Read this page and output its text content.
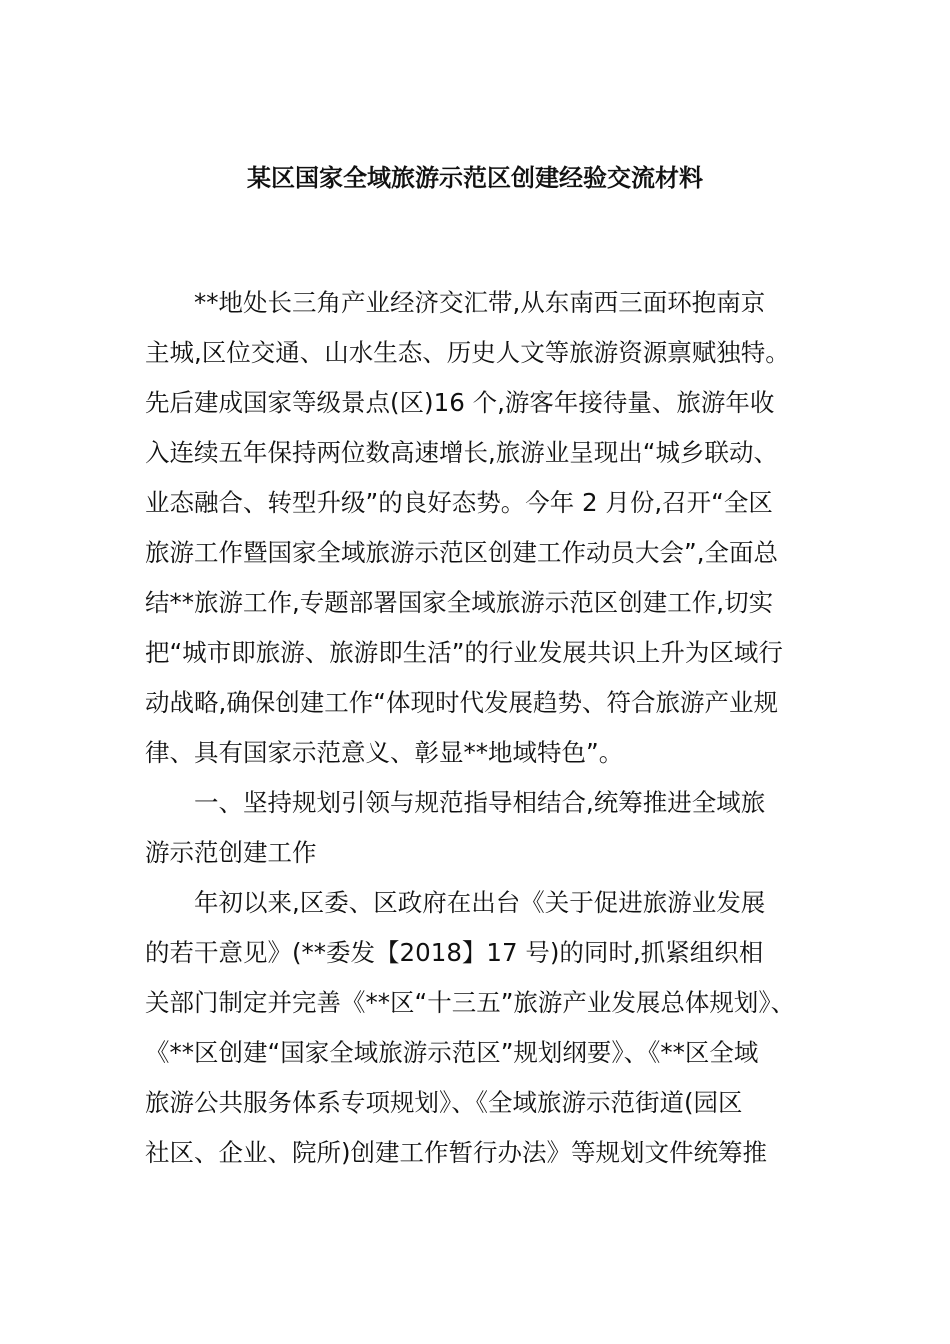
某区国家全域旅游示范区创建经验交流材料
　　**地处长三角产业经济交汇带,从东南西三面环抱南京
主城,区位交通、山水生态、历史人文等旅游资源禀赋独特。
先后建成国家等级景点(区)16 个,游客年接待量、旅游年收
入连续五年保持两位数高速增长,旅游业呈现出“城乡联动、
业态融合、转型升级”的良好态势。今年 2 月份,召开“全区
旅游工作暨国家全域旅游示范区创建工作动员大会”,全面总
结**旅游工作,专题部署国家全域旅游示范区创建工作,切实
把“城市即旅游、旅游即生活”的行业发展共识上升为区域行
动战略,确保创建工作“体现时代发展趋势、符合旅游产业规
律、具有国家示范意义、彰显**地域特色”。
　　一、坚持规划引领与规范指导相结合,统筹推进全域旅
游示范创建工作
　　年初以来,区委、区政府在出台《关于促进旅游业发展
的若干意见》(**委发【2018】17 号)的同时,抓紧组织相
关部门制定并完善《**区“十三五”旅游产业发展总体规划》、
《**区创建“国家全域旅游示范区”规划纲要》、《**区全域
旅游公共服务体系专项规划》、《全域旅游示范街道(园区
社区、企业、院所)创建工作暂行办法》等规划文件统筹推
